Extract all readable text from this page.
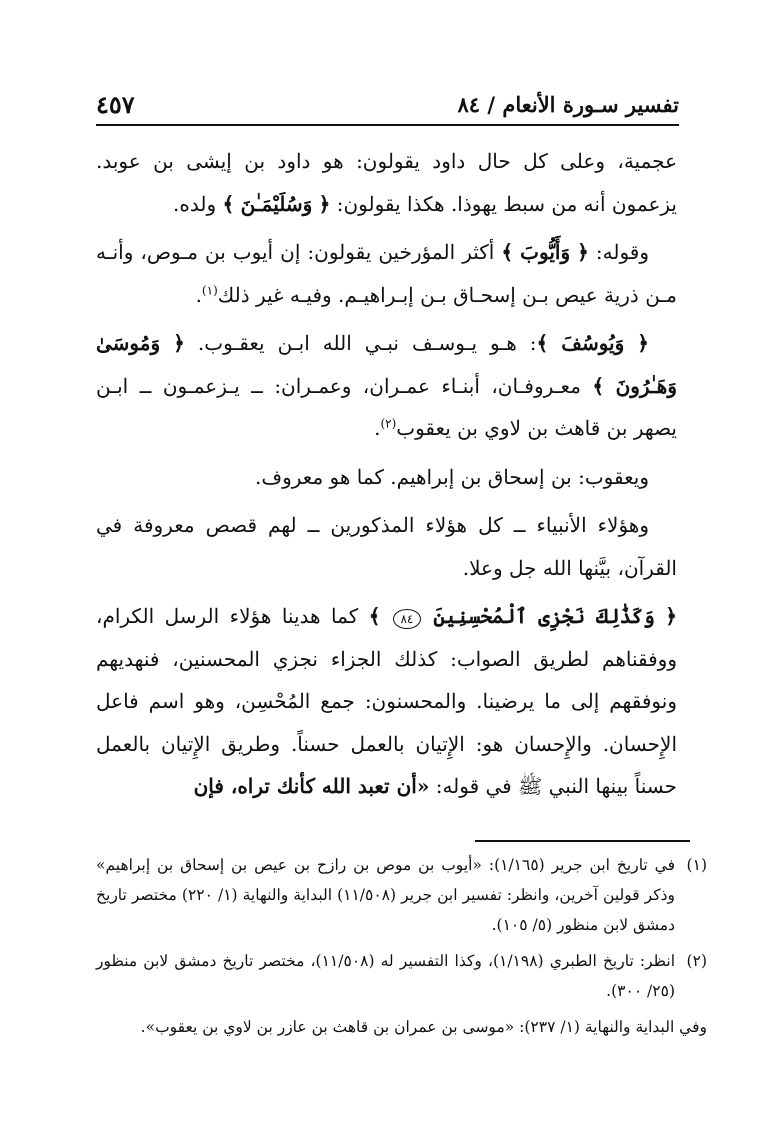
تفسير سـورة الأنعام / ٨٤
٤٥٧

عجمية، وعلى كل حال داود يقولون: هو داود بن إيشى بن عوبد. يزعمون أنه من سبط يهوذا. هكذا يقولون: ﴿ وَسُلَيْمَـٰنَ ﴾ ولده.

وقوله: ﴿ وَأَيُّوبَ ﴾ أكثر المؤرخين يقولون: إن أيوب بن مـوص، وأنـه مـن ذرية عيص بـن إسحـاق بـن إبـراهيـم. وفيـه غير ذلك$^{(١)}$.

﴿ وَيُوسُفَ ﴾: هـو يـوسـف نبـي الله ابـن يعقـوب. ﴿ وَمُوسَىٰ وَهَـٰرُونَ ﴾ معـروفـان، أبنـاء عمـران، وعمـران: ــ يـزعمـون ــ ابـن يصهر بن قاهث بن لاوي بن يعقوب$^{(٢)}$.

ويعقوب: بن إسحاق بن إبراهيم. كما هو معروف.

وهؤلاء الأنبياء ــ كل هؤلاء المذكورين ــ لهم قصص معروفة في القرآن، بيَّنها الله جل وعلا.

﴿ وَكَذَٰلِكَ نَجْزِى ٱلْمُحْسِنِينَ ٨٤ ﴾ كما هدينا هؤلاء الرسل الكرام، ووفقناهم لطريق الصواب: كذلك الجزاء نجزي المحسنين، فنهديهم ونوفقهم إلى ما يرضينا. والمحسنون: جمع المُحْسِن، وهو اسم فاعل الإِحسان. والإِحسان هو: الإِتيان بالعمل حسناً. وطريق الإِتيان بالعمل حسناً بينها النبي ﷺ في قوله: «أن تعبد الله كأنك تراه، فإن

(١)
في تاريخ ابن جرير (١/١٦٥): «أيوب بن موص بن رازح بن عيص بن إسحاق بن إبراهيم» وذكر قولين آخرين، وانظر: تفسير ابن جرير (١١/٥٠٨) البداية والنهاية (١/ ٢٢٠) مختصر تاريخ دمشق لابن منظور (٥/ ١٠٥).
(٢)
انظر: تاريخ الطبري (١/١٩٨)، وكذا التفسير له (١١/٥٠٨)، مختصر تاريخ دمشق لابن منظور (٢٥/ ٣٠٠).
وفي البداية والنهاية (١/ ٢٣٧): «موسى بن عمران بن قاهث بن عازر بن لاوي بن يعقوب».
